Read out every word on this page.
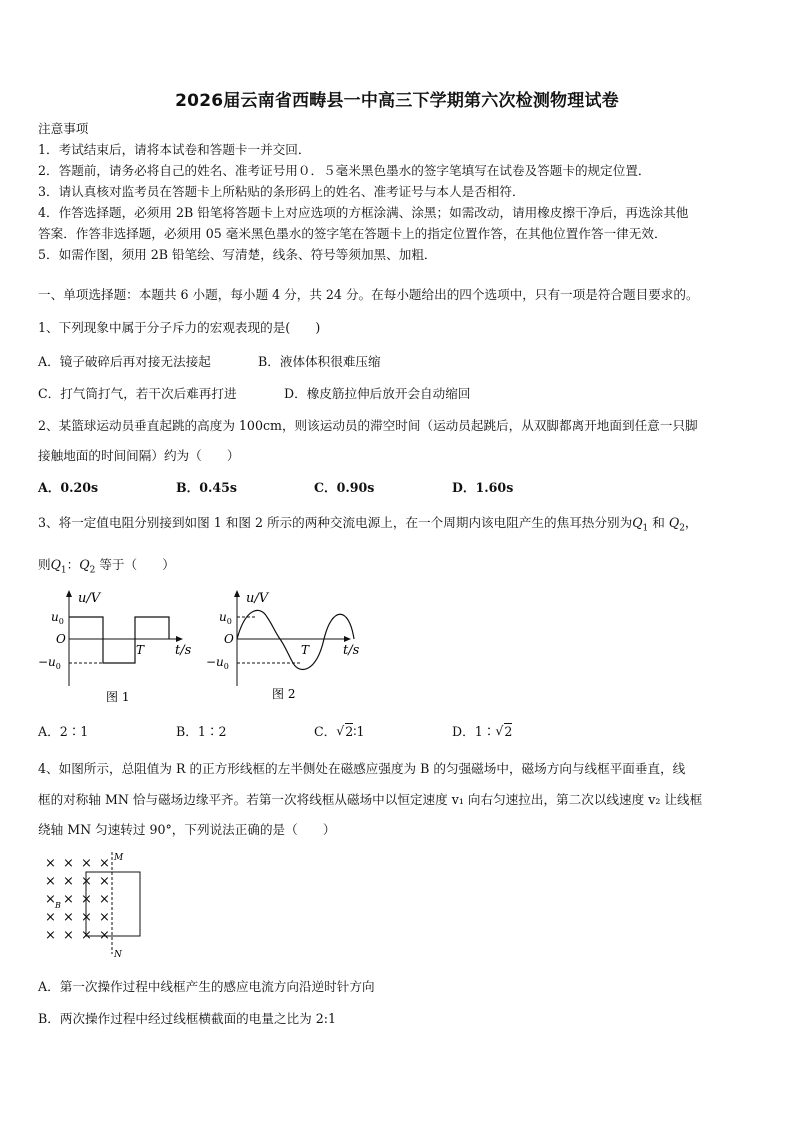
2026届云南省西畴县一中高三下学期第六次检测物理试卷
注意事项
1．考试结束后，请将本试卷和答题卡一并交回．
2．答题前，请务必将自己的姓名、准考证号用０．５毫米黑色墨水的签字笔填写在试卷及答题卡的规定位置．
3．请认真核对监考员在答题卡上所粘贴的条形码上的姓名、准考证号与本人是否相符．
4．作答选择题，必须用 2B 铅笔将答题卡上对应选项的方框涂满、涂黑；如需改动，请用橡皮擦干净后，再选涂其他
答案．作答非选择题，必须用 05 毫米黑色墨水的签字笔在答题卡上的指定位置作答，在其他位置作答一律无效．
5．如需作图，须用 2B 铅笔绘、写清楚，线条、符号等须加黑、加粗．
一、单项选择题：本题共 6 小题，每小题 4 分，共 24 分。在每小题给出的四个选项中，只有一项是符合题目要求的。
1、下列现象中属于分子斥力的宏观表现的是(　　)
A．镜子破碎后再对接无法接起	B．液体体积很难压缩
C．打气筒打气，若干次后难再打进	D．橡皮筋拉伸后放开会自动缩回
2、某篮球运动员垂直起跳的高度为 100cm，则该运动员的滞空时间（运动员起跳后，从双脚都离开地面到任意一只脚
接触地面的时间间隔）约为（　　）
A．0.20s	B．0.45s	C．0.90s	D．1.60s
3、将一定值电阻分别接到如图 1 和图 2 所示的两种交流电源上，在一个周期内该电阻产生的焦耳热分别为$Q_1$ 和 $Q_2$，
则$Q_1$：$Q_2$ 等于（　　）
u/V
t/s
$u_0$
O
$-u_0$
T
图 1
u/V
t/s
$u_0$
O
$-u_0$
T
图 2
A．2∶1	B．1∶2	C． √ 2∶1	D．1∶ √ 2
4、如图所示，总阻值为 R 的正方形线框的左半侧处在磁感应强度为 B 的匀强磁场中，磁场方向与线框平面垂直，线
框的对称轴 MN 恰与磁场边缘平齐。若第一次将线框从磁场中以恒定速度 v₁ 向右匀速拉出，第二次以线速度 v₂ 让线框
绕轴 MN 匀速转过 90°，下列说法正确的是（　　）
× × × ×
× × × ×
× × ×
× × × ×
× × × ×
×
M
N
B
A．第一次操作过程中线框产生的感应电流方向沿逆时针方向
B．两次操作过程中经过线框横截面的电量之比为 2:1
